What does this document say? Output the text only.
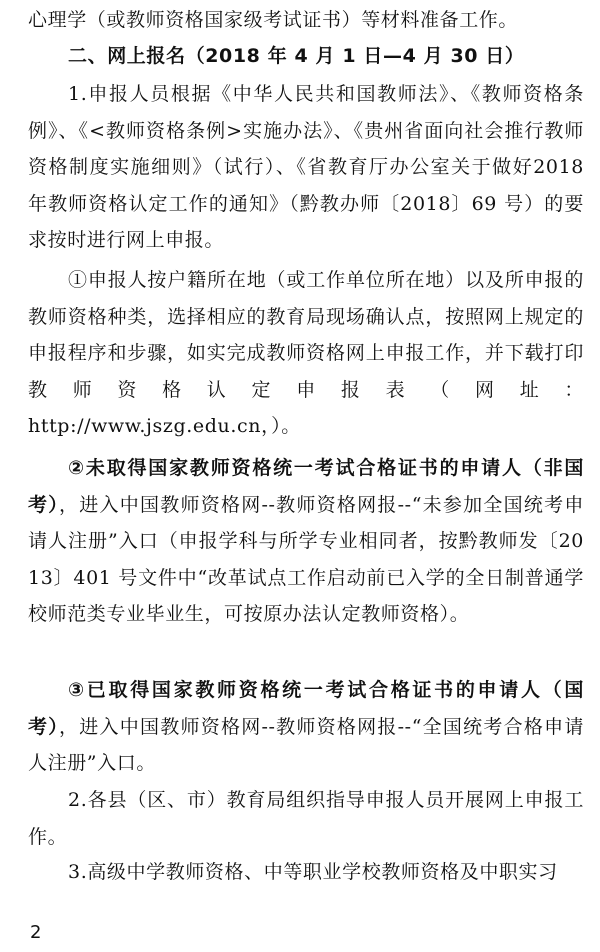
心理学（或教师资格国家级考试证书）等材料准备工作。
二、网上报名（2018 年 4 月 1 日—4 月 30 日）
1.申报人员根据《中华人民共和国教师法》、《教师资格条例》、《<教师资格条例>实施办法》、《贵州省面向社会推行教师资格制度实施细则》（试行）、《省教育厅办公室关于做好2018 年教师资格认定工作的通知》（黔教办师〔2018〕69 号）的要求按时进行网上申报。
①申报人按户籍所在地（或工作单位所在地）以及所申报的教师资格种类，选择相应的教育局现场确认点，按照网上规定的申报程序和步骤，如实完成教师资格网上申报工作，并下载打印教师资格认定申报表（网址：
http://www.jszg.edu.cn，）。
②未取得国家教师资格统一考试合格证书的申请人（非国考），进入中国教师资格网--教师资格网报--“未参加全国统考申请人注册”入口（申报学科与所学专业相同者，按黔教师发〔2013〕401 号文件中“改革试点工作启动前已入学的全日制普通学校师范类专业毕业生，可按原办法认定教师资格）。
③已取得国家教师资格统一考试合格证书的申请人（国考），进入中国教师资格网--教师资格网报--“全国统考合格申请人注册”入口。
2.各县（区、市）教育局组织指导申报人员开展网上申报工作。
3.高级中学教师资格、中等职业学校教师资格及中职实习
2
